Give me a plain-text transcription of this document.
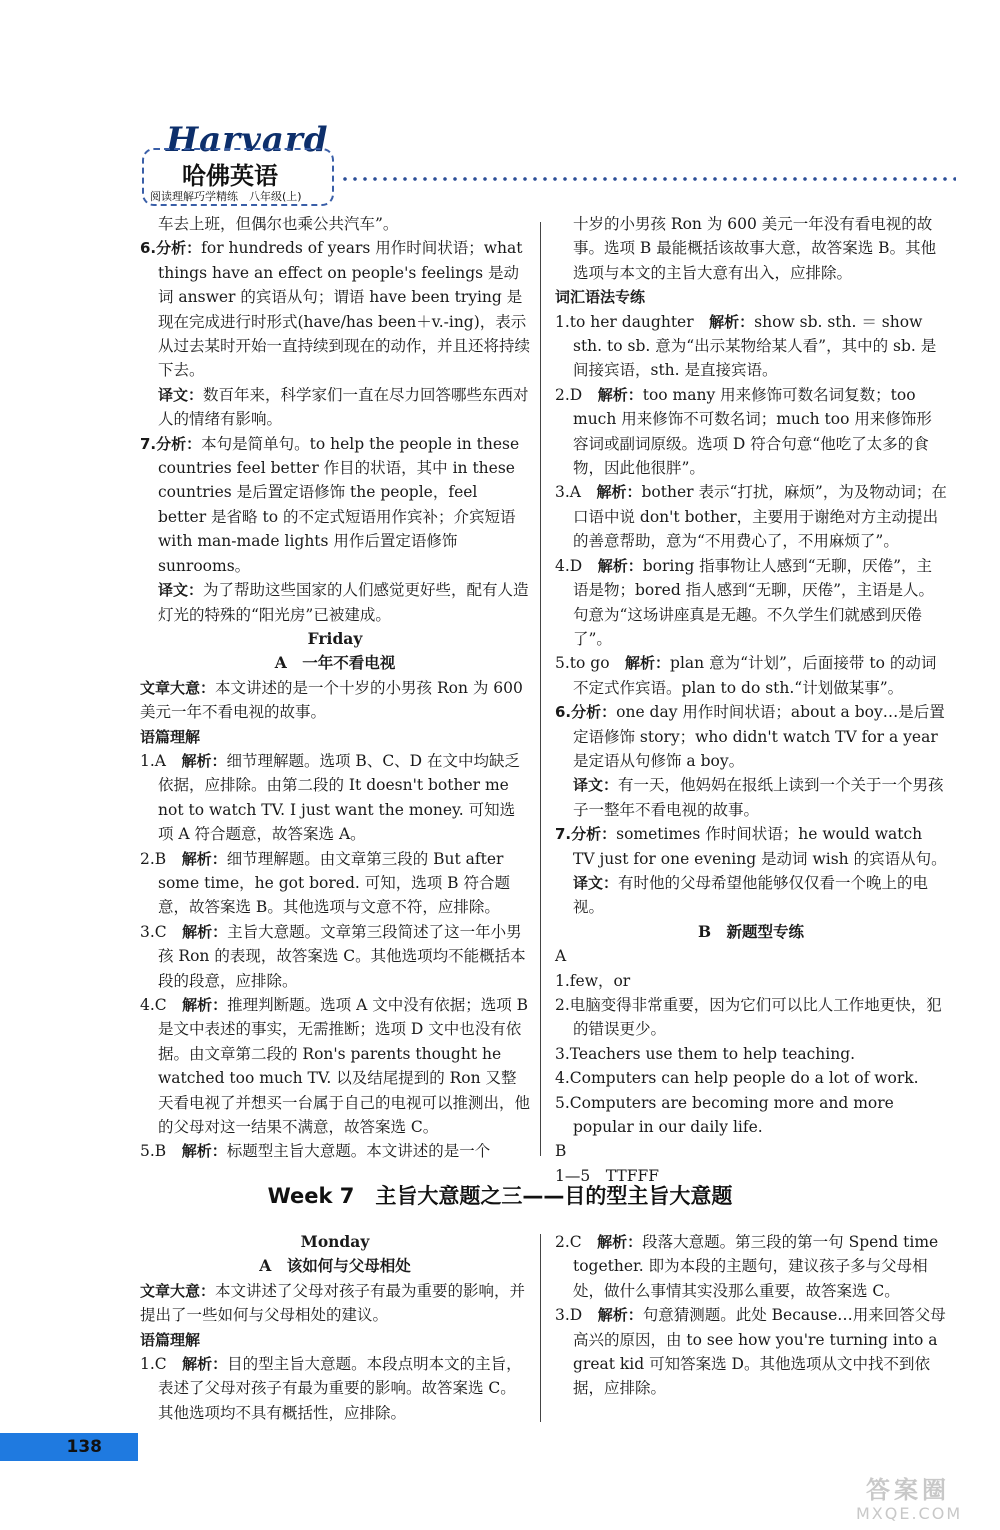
Harvard
哈佛英语
阅读理解巧学精练　八年级(上)

车去上班，但偶尔也乘公共汽车”。

6.分析：for hundreds of years 用作时间状语；what things have an effect on people's feelings 是动词 answer 的宾语从句；谓语 have been trying 是现在完成进行时形式(have/has been＋v.-ing)，表示从过去某时开始一直持续到现在的动作，并且还将持续下去。

译文：数百年来，科学家们一直在尽力回答哪些东西对人的情绪有影响。

7.分析：本句是简单句。to help the people in these countries feel better 作目的状语，其中 in these countries 是后置定语修饰 the people，feel better 是省略 to 的不定式短语用作宾补；介宾短语 with man-made lights 用作后置定语修饰 sunrooms。

译文：为了帮助这些国家的人们感觉更好些，配有人造灯光的特殊的“阳光房”已被建成。

Friday

A　一年不看电视

文章大意：本文讲述的是一个十岁的小男孩 Ron 为 600 美元一年不看电视的故事。

语篇理解

1.A　解析：细节理解题。选项 B、C、D 在文中均缺乏依据，应排除。由第二段的 It doesn't bother me not to watch TV. I just want the money. 可知选项 A 符合题意，故答案选 A。

2.B　解析：细节理解题。由文章第三段的 But after some time，he got bored. 可知，选项 B 符合题意，故答案选 B。其他选项与文意不符，应排除。

3.C　解析：主旨大意题。文章第三段简述了这一年小男孩 Ron 的表现，故答案选 C。其他选项均不能概括本段的段意，应排除。

4.C　解析：推理判断题。选项 A 文中没有依据；选项 B 是文中表述的事实，无需推断；选项 D 文中也没有依据。由文章第二段的 Ron's parents thought he watched too much TV. 以及结尾提到的 Ron 又整天看电视了并想买一台属于自己的电视可以推测出，他的父母对这一结果不满意，故答案选 C。

5.B　解析：标题型主旨大意题。本文讲述的是一个

十岁的小男孩 Ron 为 600 美元一年没有看电视的故事。选项 B 最能概括该故事大意，故答案选 B。其他选项与本文的主旨大意有出入，应排除。

词汇语法专练

1.to her daughter　解析：show sb. sth. ＝ show sth. to sb. 意为“出示某物给某人看”，其中的 sb. 是间接宾语，sth. 是直接宾语。

2.D　解析：too many 用来修饰可数名词复数；too much 用来修饰不可数名词；much too 用来修饰形容词或副词原级。选项 D 符合句意“他吃了太多的食物，因此他很胖”。

3.A　解析：bother 表示“打扰，麻烦”，为及物动词；在口语中说 don't bother，主要用于谢绝对方主动提出的善意帮助，意为“不用费心了，不用麻烦了”。

4.D　解析：boring 指事物让人感到“无聊，厌倦”，主语是物；bored 指人感到“无聊，厌倦”，主语是人。句意为“这场讲座真是无趣。不久学生们就感到厌倦了”。

5.to go　解析：plan 意为“计划”，后面接带 to 的动词不定式作宾语。plan to do sth.“计划做某事”。

6.分析：one day 用作时间状语；about a boy…是后置定语修饰 story；who didn't watch TV for a year 是定语从句修饰 a boy。

译文：有一天，他妈妈在报纸上读到一个关于一个男孩子一整年不看电视的故事。

7.分析：sometimes 作时间状语；he would watch TV just for one evening 是动词 wish 的宾语从句。

译文：有时他的父母希望他能够仅仅看一个晚上的电视。

B　新题型专练

A

1.few，or

2.电脑变得非常重要，因为它们可以比人工作地更快，犯的错误更少。

3.Teachers use them to help teaching.

4.Computers can help people do a lot of work.

5.Computers are becoming more and more popular in our daily life.

B

1—5　TTFFF

Week 7　主旨大意题之三——目的型主旨大意题

Monday

A　该如何与父母相处

文章大意：本文讲述了父母对孩子有最为重要的影响，并提出了一些如何与父母相处的建议。

语篇理解

1.C　解析：目的型主旨大意题。本段点明本文的主旨，表述了父母对孩子有最为重要的影响。故答案选 C。其他选项均不具有概括性，应排除。

2.C　解析：段落大意题。第三段的第一句 Spend time together. 即为本段的主题句，建议孩子多与父母相处，做什么事情其实没那么重要，故答案选 C。

3.D　解析：句意猜测题。此处 Because…用来回答父母高兴的原因，由 to see how you're turning into a great kid 可知答案选 D。其他选项从文中找不到依据，应排除。

138
答案圈
MXQE.COM
